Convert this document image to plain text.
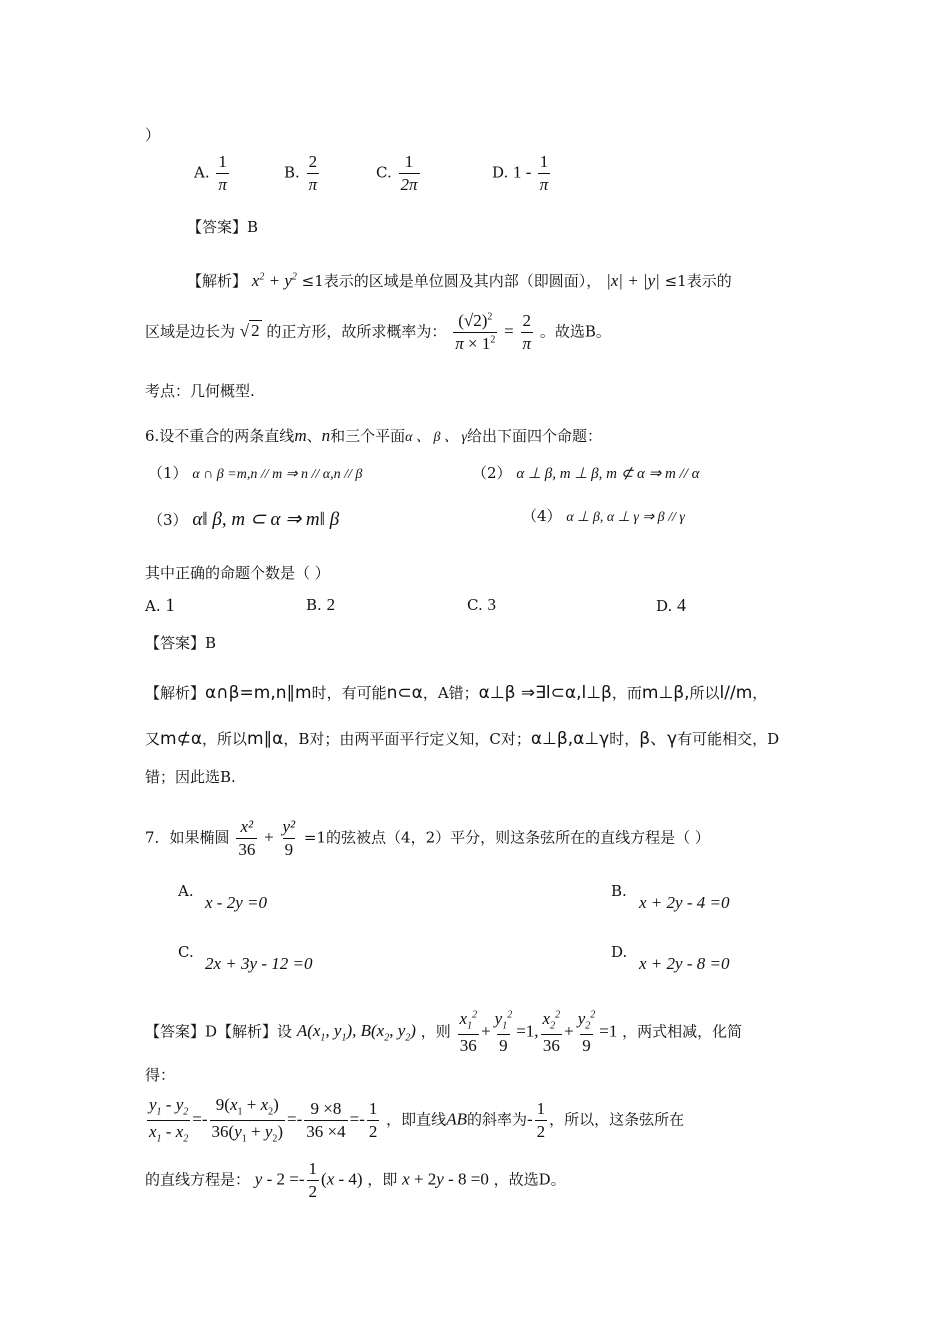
）
A. $\frac{1}{\pi}$	B. $\frac{2}{\pi}$	C. $\frac{1}{2\pi}$	D. $1 - \frac{1}{\pi}$
【答案】B
【解析】 $x^2 + y^2 \le 1$表示的区域是单位圆及其内部（即圆面）， |x| + |y| ≤1表示的
区域是边长为 √ 2 的正方形，故所求概率为： $\frac{(√2)^2}{\pi \times 1^2} = \frac{2}{\pi}$ 。故选B。
考点：几何概型.
6.设不重合的两条直线m、n和三个平面α 、 β 、 γ给出下面四个命题：
（1） α ∩ β =m,n // m ⇒ n // α,n // β	（2） α ⊥ β, m ⊥ β, m ⊄ α ⇒ m // α
（3） α‖ β, m ⊂ α ⇒ m‖ β	（4） α ⊥ β, α ⊥ γ ⇒ β // γ
其中正确的命题个数是（ ）
A. 1	B. 2	C. 3	D. 4
【答案】B
【解析】α∩β=m,n∥m时，有可能n⊂α，A错；α⊥β ⇒∃l⊂α,l⊥β，而m⊥β,所以l//m，
又m⊄α，所以m∥α，B对；由两平面平行定义知，C对；α⊥β,α⊥γ时，β、γ有可能相交，D
错；因此选B.
7．如果椭圆 $\frac{\text{x²}}{36} + \frac{\text{y²}}{9} =1$的弦被点（4，2）平分，则这条弦所在的直线方程是（ ）
A.
x - 2y =0
B.
x + 2y - 4 =0
C.
2x + 3y - 12 =0
D.
x + 2y - 8 =0
【答案】D【解析】设 $A(x_1$, $y_1$), $B(x_2$, $y_2$) ，则 $\frac{x_1^2}{36} + \frac{y_1^2}{9} =1$, $\frac{x_2^2}{36} + \frac{y_2^2}{9} =1$ ，两式相减，化简
得：
$\frac{y_1 - y_2}{x_1 - x_2} =- \frac{9(x_1 + x_2)}{36(y_1 + y_2)} =- \frac{9 \times 8}{36 \times 4} =- \frac{1}{2}$ ，即直线AB的斜率为- $\frac{1}{2}$ ，所以，这条弦所在
的直线方程是： $y - 2 =- \frac{1}{2} (x - 4)$ ，即 x + 2y - 8 =0 ，故选D。
